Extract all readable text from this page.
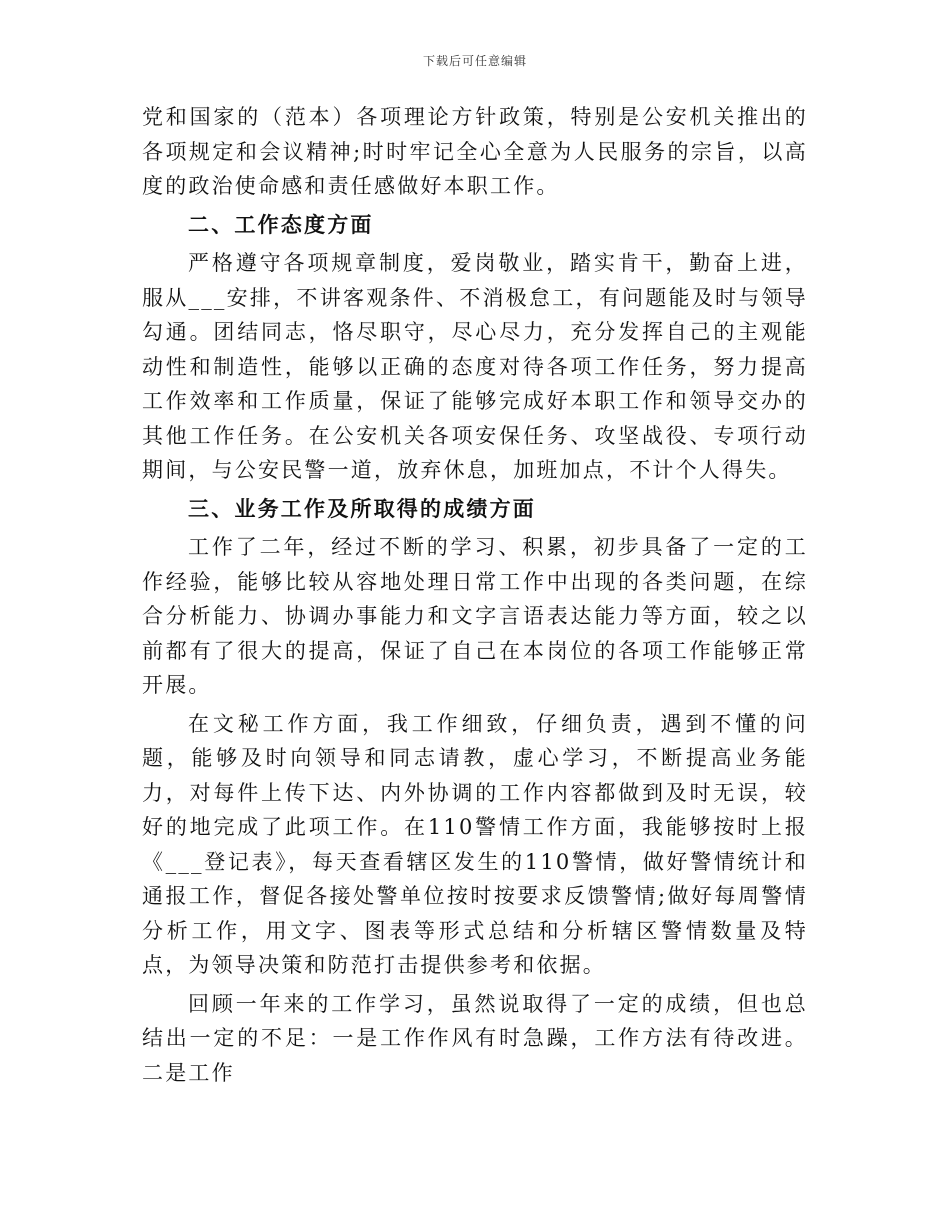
下载后可任意编辑

党和国家的（范本）各项理论方针政策，特别是公安机关推出的各项规定和会议精神;时时牢记全心全意为人民服务的宗旨，以高度的政治使命感和责任感做好本职工作。

二、工作态度方面

严格遵守各项规章制度，爱岗敬业，踏实肯干，勤奋上进，服从___安排，不讲客观条件、不消极怠工，有问题能及时与领导勾通。团结同志，恪尽职守，尽心尽力，充分发挥自己的主观能动性和制造性，能够以正确的态度对待各项工作任务，努力提高工作效率和工作质量，保证了能够完成好本职工作和领导交办的其他工作任务。在公安机关各项安保任务、攻坚战役、专项行动期间，与公安民警一道，放弃休息，加班加点，不计个人得失。

三、业务工作及所取得的成绩方面

工作了二年，经过不断的学习、积累，初步具备了一定的工作经验，能够比较从容地处理日常工作中出现的各类问题，在综合分析能力、协调办事能力和文字言语表达能力等方面，较之以前都有了很大的提高，保证了自己在本岗位的各项工作能够正常开展。

在文秘工作方面，我工作细致，仔细负责，遇到不懂的问题，能够及时向领导和同志请教，虚心学习，不断提高业务能力，对每件上传下达、内外协调的工作内容都做到及时无误，较好的地完成了此项工作。在110警情工作方面，我能够按时上报《___登记表》，每天查看辖区发生的110警情，做好警情统计和通报工作，督促各接处警单位按时按要求反馈警情;做好每周警情分析工作，用文字、图表等形式总结和分析辖区警情数量及特点，为领导决策和防范打击提供参考和依据。

回顾一年来的工作学习，虽然说取得了一定的成绩，但也总结出一定的不足：一是工作作风有时急躁，工作方法有待改进。二是工作
